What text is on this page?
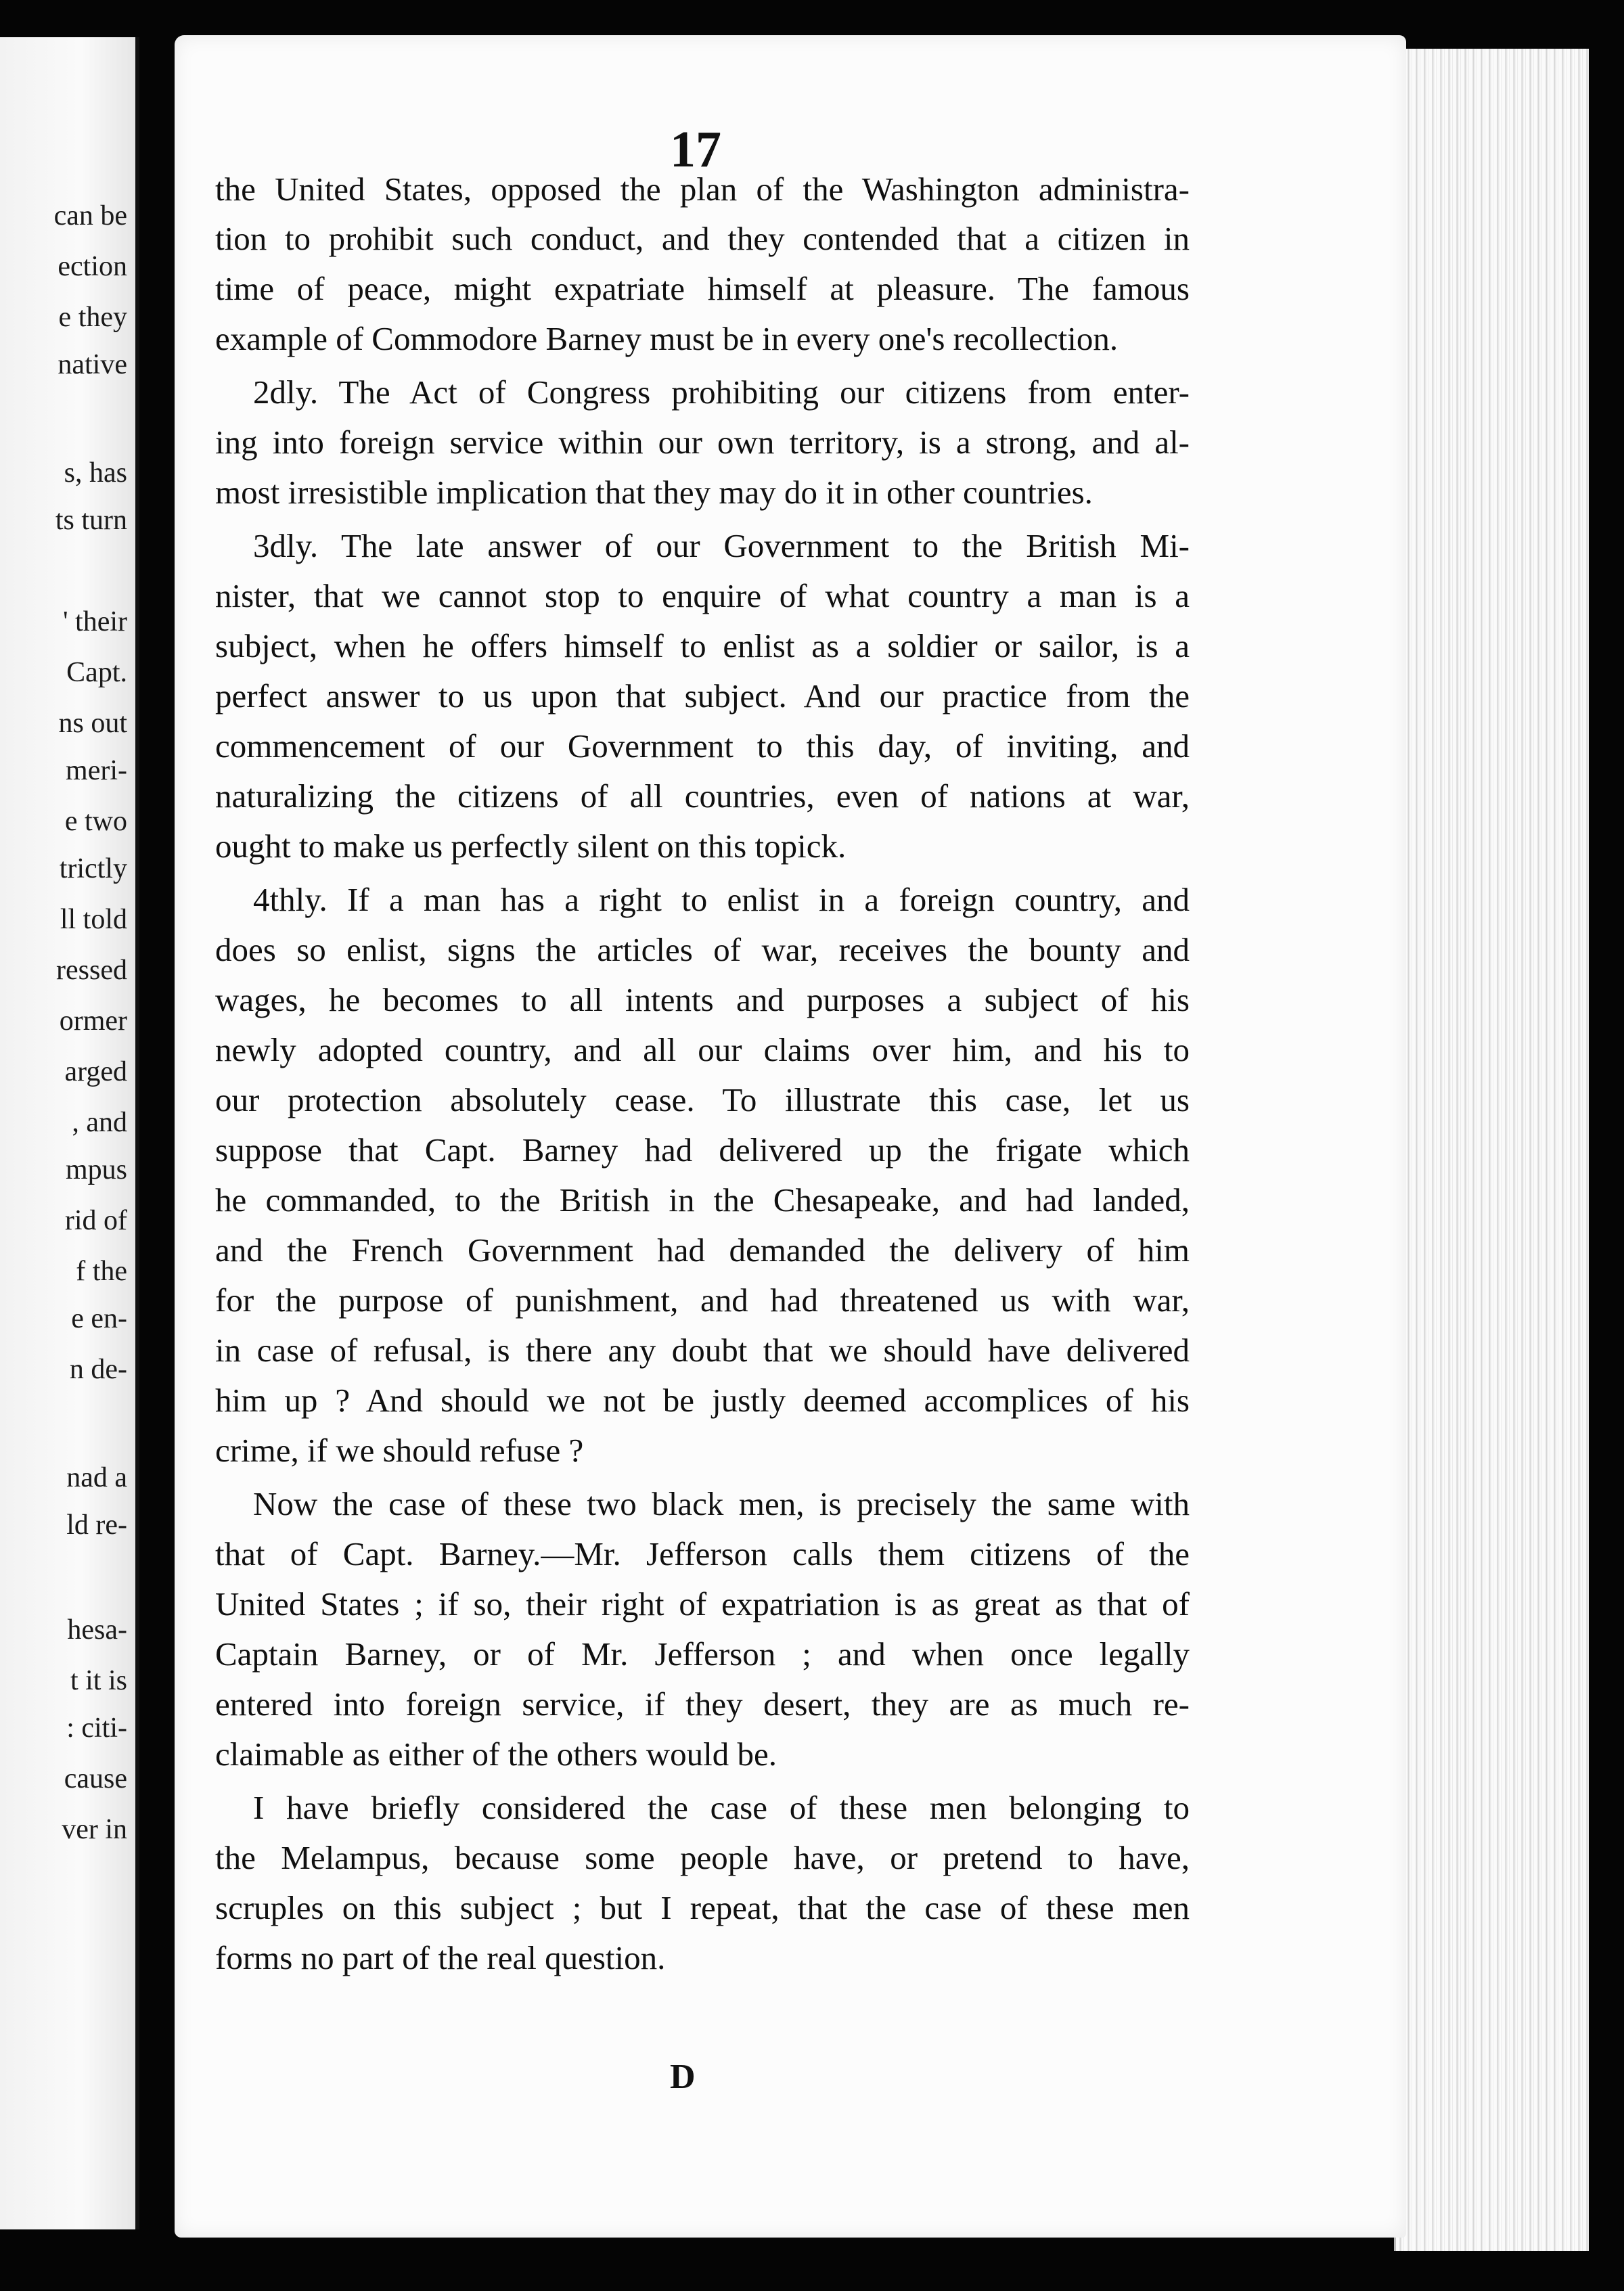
can be
ection
e they
native
s, has
ts turn
' their
Capt.
ns out
meri-
e two
trictly
ll told
ressed
ormer
arged
, and
mpus
rid of
f the
e en-
n de-
nad a
ld re-
hesa-
t it is
: citi-
cause
ver in
17
the United States, opposed the plan of the Washington administra-
tion to prohibit such conduct, and they contended that a citizen in
time of peace, might expatriate himself at pleasure. The famous
example of Commodore Barney must be in every one's recollection.
2dly. The Act of Congress prohibiting our citizens from enter-
ing into foreign service within our own territory, is a strong, and al-
most irresistible implication that they may do it in other countries.
3dly. The late answer of our Government to the British Mi-
nister, that we cannot stop to enquire of what country a man is a
subject, when he offers himself to enlist as a soldier or sailor, is a
perfect answer to us upon that subject. And our practice from the
commencement of our Government to this day, of inviting, and
naturalizing the citizens of all countries, even of nations at war,
ought to make us perfectly silent on this topick.
4thly. If a man has a right to enlist in a foreign country, and
does so enlist, signs the articles of war, receives the bounty and
wages, he becomes to all intents and purposes a subject of his
newly adopted country, and all our claims over him, and his to
our protection absolutely cease. To illustrate this case, let us
suppose that Capt. Barney had delivered up the frigate which
he commanded, to the British in the Chesapeake, and had landed,
and the French Government had demanded the delivery of him
for the purpose of punishment, and had threatened us with war,
in case of refusal, is there any doubt that we should have delivered
him up ? And should we not be justly deemed accomplices of his
crime, if we should refuse ?
Now the case of these two black men, is precisely the same with
that of Capt. Barney.—Mr. Jefferson calls them citizens of the
United States ; if so, their right of expatriation is as great as that of
Captain Barney, or of Mr. Jefferson ; and when once legally
entered into foreign service, if they desert, they are as much re-
claimable as either of the others would be.
I have briefly considered the case of these men belonging to
the Melampus, because some people have, or pretend to have,
scruples on this subject ; but I repeat, that the case of these men
forms no part of the real question.
D
